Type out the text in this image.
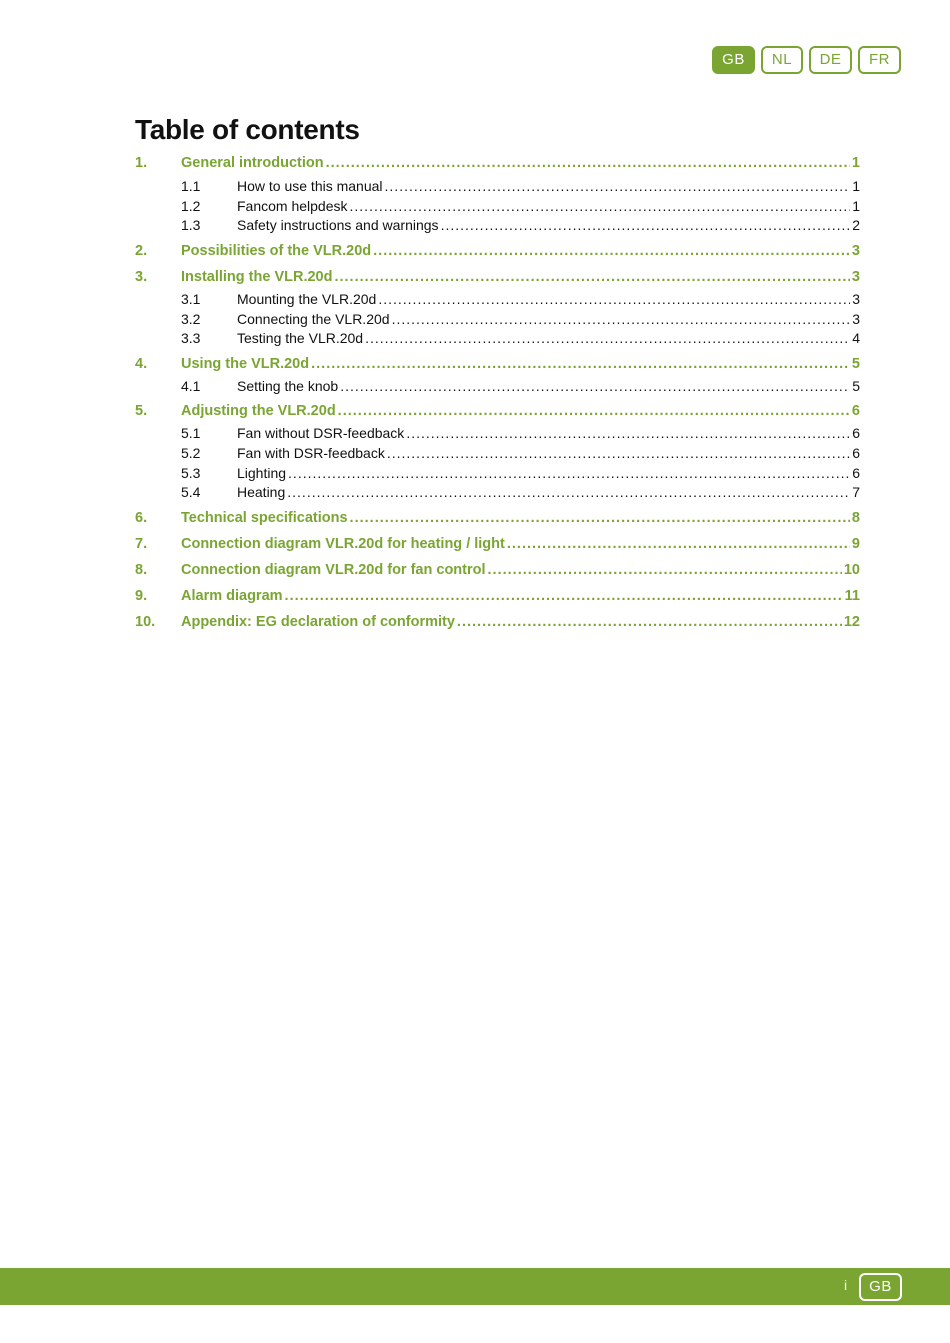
GB	NL	DE	FR
Table of contents
1.	General introduction .....	1
1.1	How to use this manual .....	1
1.2	Fancom helpdesk .....	1
1.3	Safety instructions and warnings .....	2
2.	Possibilities of the VLR.20d .....	3
3.	Installing the VLR.20d .....	3
3.1	Mounting the VLR.20d .....	3
3.2	Connecting the VLR.20d .....	3
3.3	Testing the VLR.20d .....	4
4.	Using the VLR.20d .....	5
4.1	Setting the knob .....	5
5.	Adjusting the VLR.20d .....	6
5.1	Fan without DSR-feedback .....	6
5.2	Fan with DSR-feedback .....	6
5.3	Lighting .....	6
5.4	Heating .....	7
6.	Technical specifications .....	8
7.	Connection diagram VLR.20d for heating / light .....	9
8.	Connection diagram VLR.20d for fan control .....	10
9.	Alarm diagram .....	11
10.	Appendix: EG declaration of conformity .....	12
i	GB
